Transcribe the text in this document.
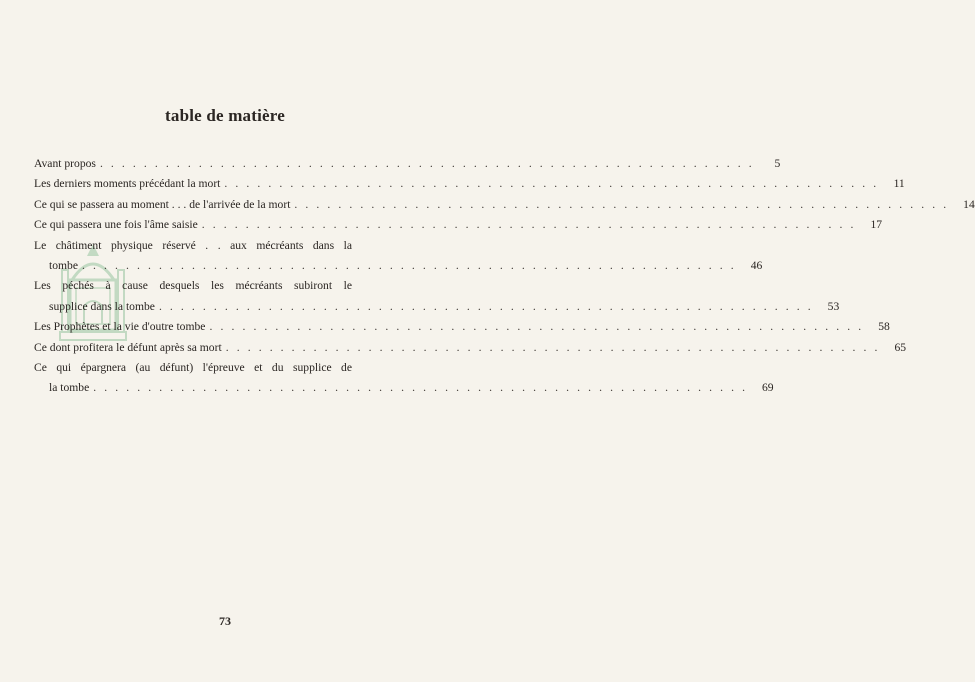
table de matière
Avant propos . . . . . . . . . . . . . . . . . . . . . . . . . . . . . . . . . . . . . . . . . . . . . . . . . . . . . . . . . . . .	5
Les derniers moments précédant la mort . . . . . . . . . . . . . . . . . . . . . . . . . . . . . . . . . . . . . . . . . . . . . . . . . . . . . . . . . . . .	11
Ce qui se passera au moment . . . de l'arrivée de la mort . . . . . . . . . . . . . . . . . . . . . . . . . . . . . . . . . . . . . . . . . . . . . . . . . . . . . . . . . . . .	14
Ce qui passera une fois l'âme saisie . . . . . . . . . . . . . . . . . . . . . . . . . . . . . . . . . . . . . . . . . . . . . . . . . . . . . . . . . . . .	17
Le châtiment physique réservé . . aux mécréants dans la
tombe . . . . . . . . . . . . . . . . . . . . . . . . . . . . . . . . . . . . . . . . . . . . . . . . . . . . . . . . . . . .	46
Les péchés à cause desquels les mécréants subiront le
supplice dans la tombe . . . . . . . . . . . . . . . . . . . . . . . . . . . . . . . . . . . . . . . . . . . . . . . . . . . . . . . . . . . .	53
Les Prophètes et la vie d'outre tombe . . . . . . . . . . . . . . . . . . . . . . . . . . . . . . . . . . . . . . . . . . . . . . . . . . . . . . . . . . . .	58
Ce dont profitera le défunt après sa mort . . . . . . . . . . . . . . . . . . . . . . . . . . . . . . . . . . . . . . . . . . . . . . . . . . . . . . . . . . . .	65
Ce qui épargnera (au défunt) l'épreuve et du supplice de
la tombe . . . . . . . . . . . . . . . . . . . . . . . . . . . . . . . . . . . . . . . . . . . . . . . . . . . . . . . . . . . .	69
73
